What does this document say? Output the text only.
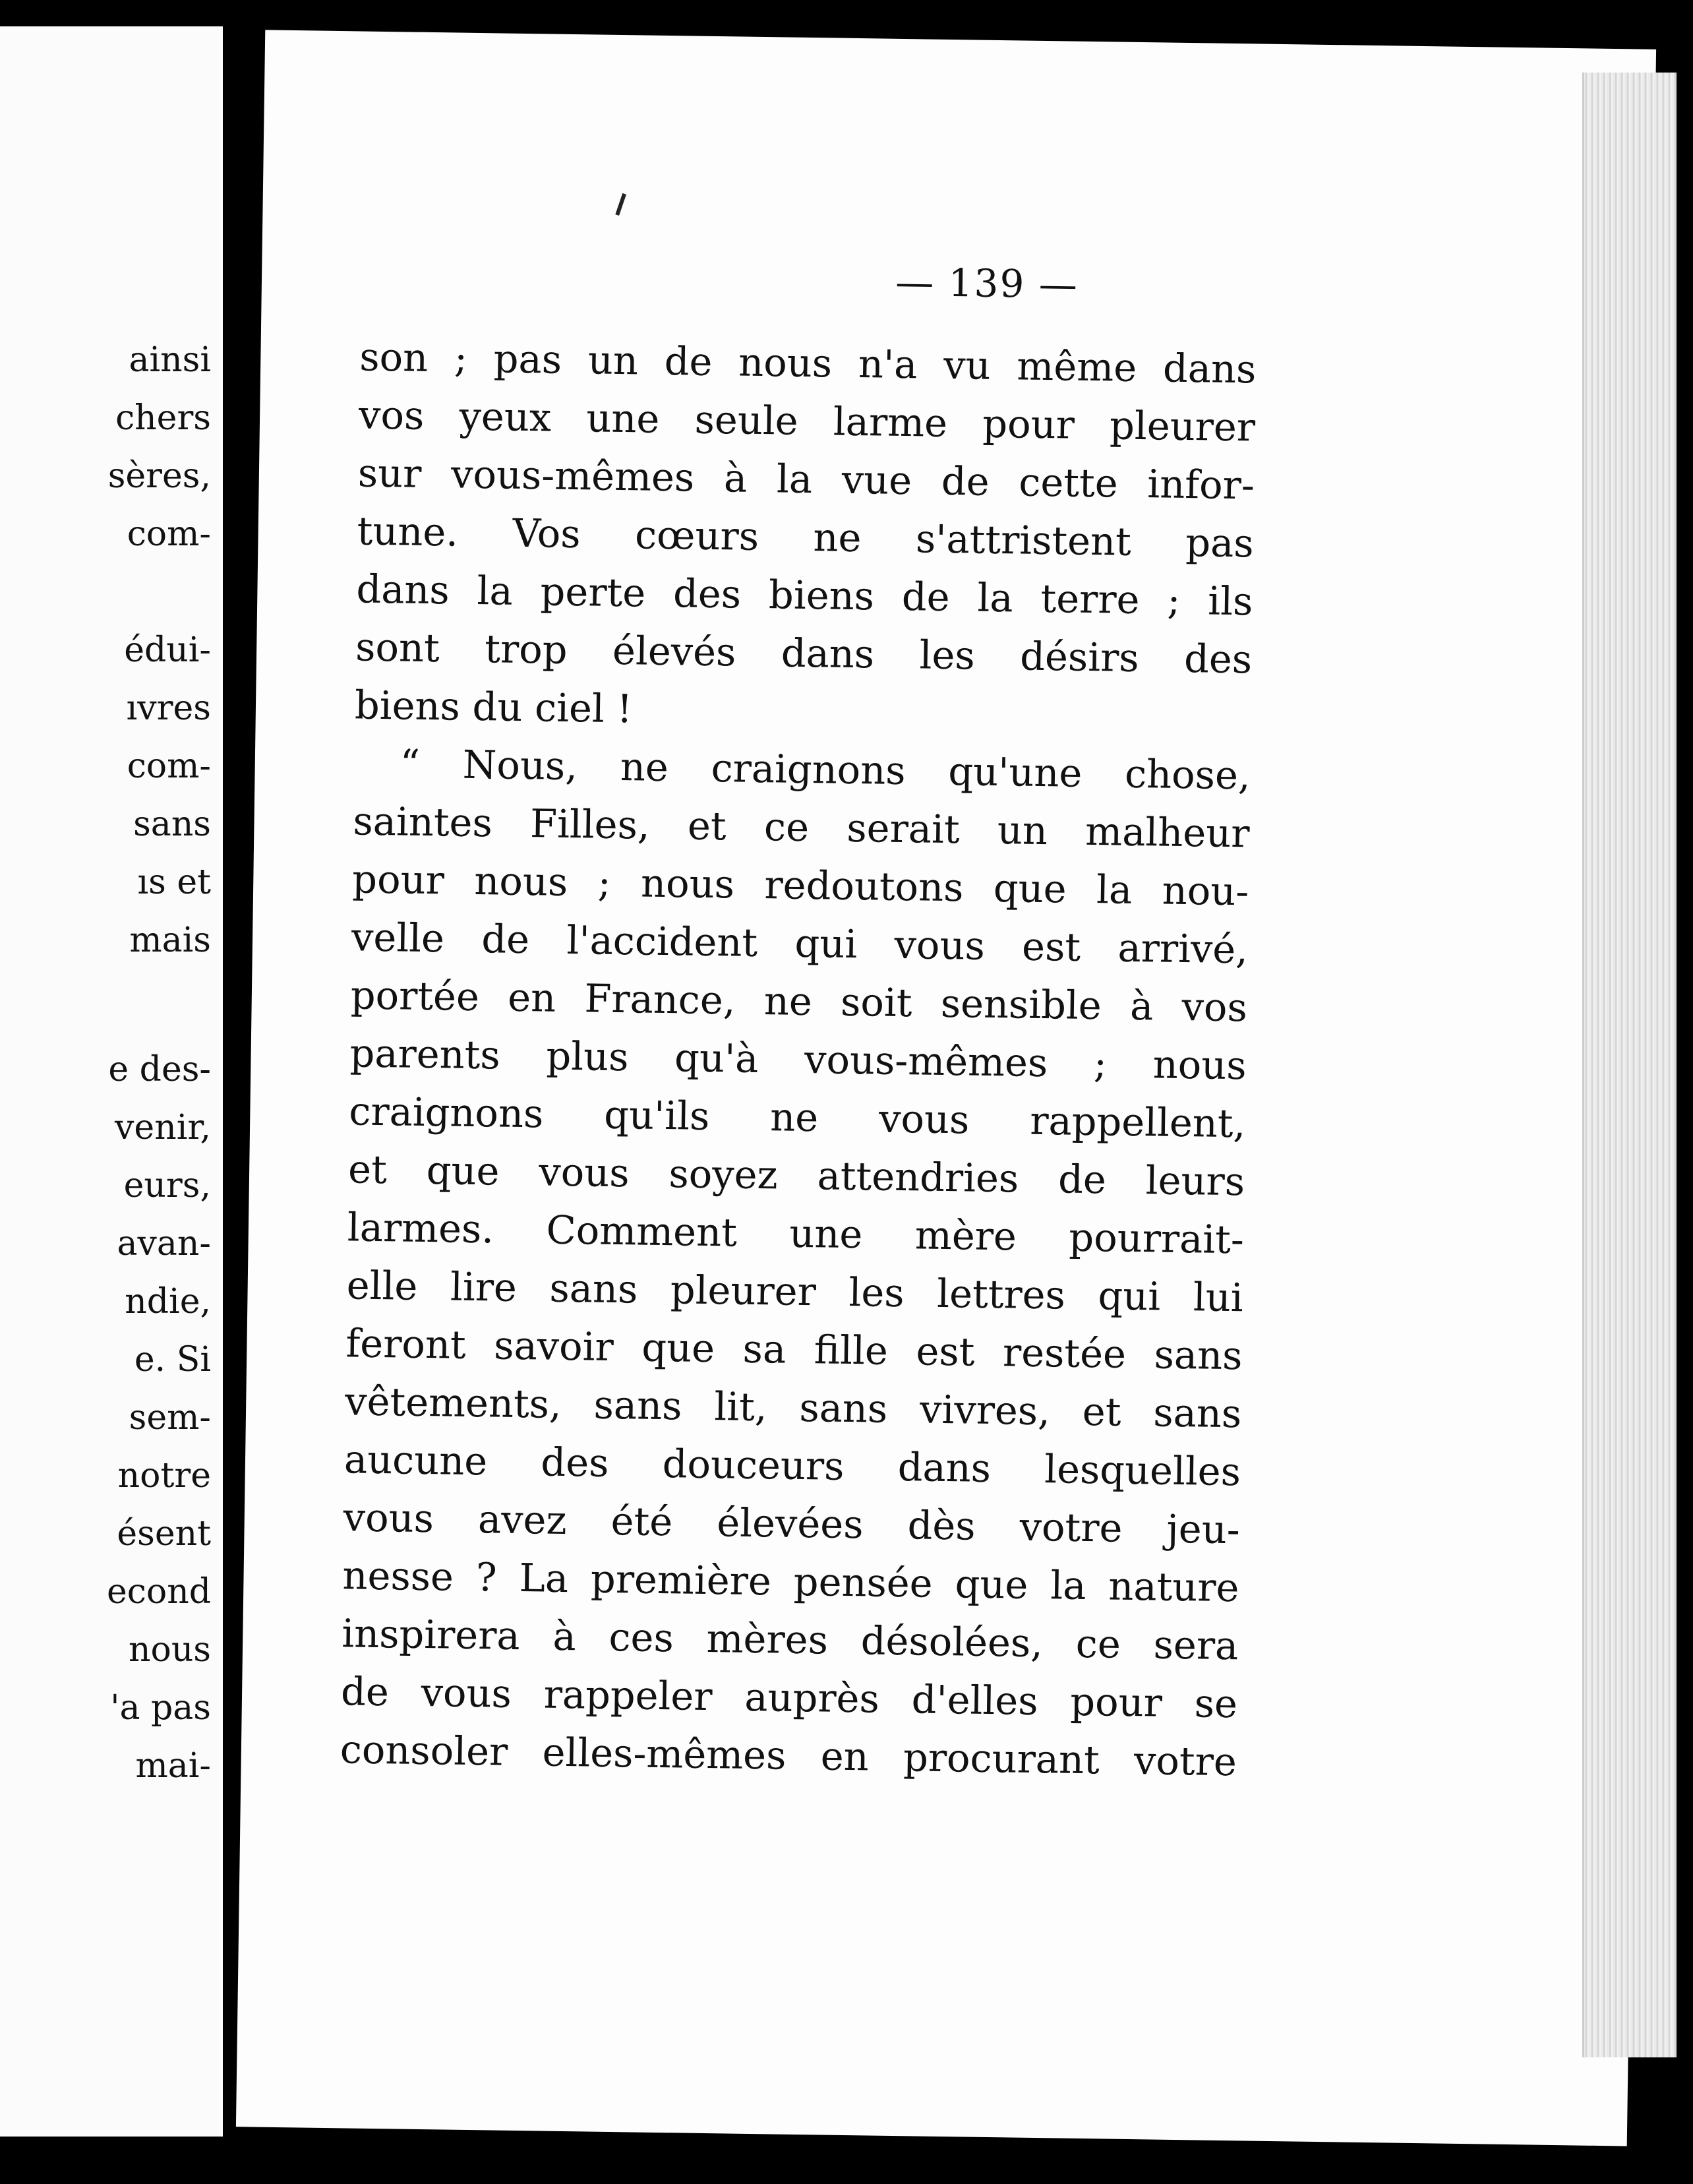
ainsi
chers
sères,
com-
édui-
ıvres
com-
sans
ıs et
mais
e des-
venir,
eurs,
avan-
ndie,
e. Si
sem-
notre
ésent
econd
nous
'a pas
mai-
— 139 —
son ; pas un de nous n'a vu même dans
vos yeux une seule larme pour pleurer
sur vous-mêmes à la vue de cette infor-
tune. Vos cœurs ne s'attristent pas
dans la perte des biens de la terre ; ils
sont trop élevés dans les désirs des
biens du ciel !
“ Nous, ne craignons qu'une chose,
saintes Filles, et ce serait un malheur
pour nous ; nous redoutons que la nou-
velle de l'accident qui vous est arrivé,
portée en France, ne soit sensible à vos
parents plus qu'à vous-mêmes ; nous
craignons qu'ils ne vous rappellent,
et que vous soyez attendries de leurs
larmes. Comment une mère pourrait-
elle lire sans pleurer les lettres qui lui
feront savoir que sa fille est restée sans
vêtements, sans lit, sans vivres, et sans
aucune des douceurs dans lesquelles
vous avez été élevées dès votre jeu-
nesse ? La première pensée que la nature
inspirera à ces mères désolées, ce sera
de vous rappeler auprès d'elles pour se
consoler elles-mêmes en procurant votre
